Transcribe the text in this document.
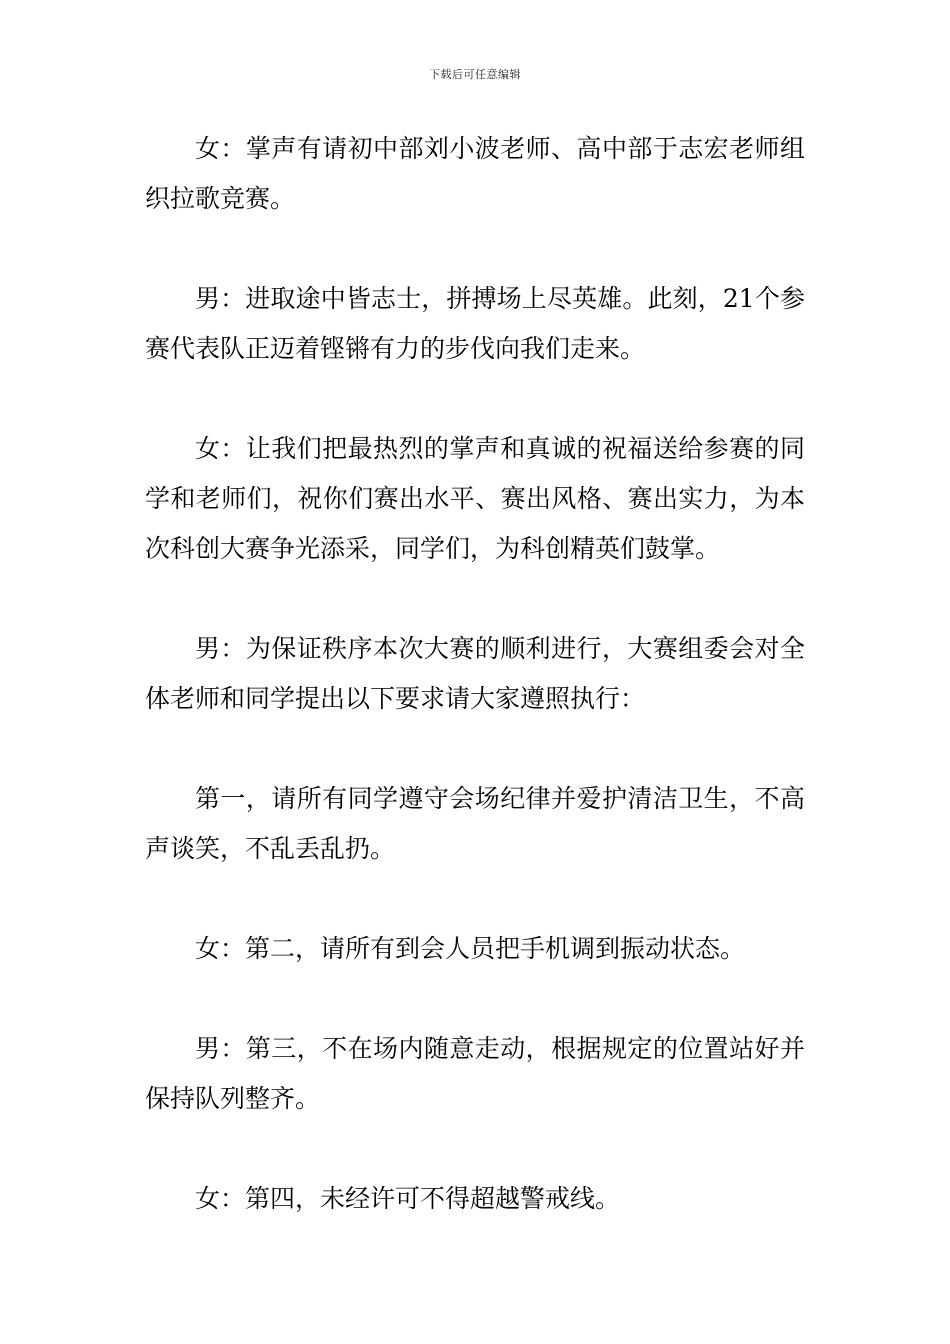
下载后可任意编辑

女：掌声有请初中部刘小波老师、高中部于志宏老师组织拉歌竞赛。

男：进取途中皆志士，拼搏场上尽英雄。此刻，21个参赛代表队正迈着铿锵有力的步伐向我们走来。

女：让我们把最热烈的掌声和真诚的祝福送给参赛的同学和老师们，祝你们赛出水平、赛出风格、赛出实力，为本次科创大赛争光添采，同学们，为科创精英们鼓掌。

男：为保证秩序本次大赛的顺利进行，大赛组委会对全体老师和同学提出以下要求请大家遵照执行：

第一，请所有同学遵守会场纪律并爱护清洁卫生，不高声谈笑，不乱丢乱扔。

女：第二，请所有到会人员把手机调到振动状态。

男：第三，不在场内随意走动，根据规定的位置站好并保持队列整齐。

女：第四，未经许可不得超越警戒线。
